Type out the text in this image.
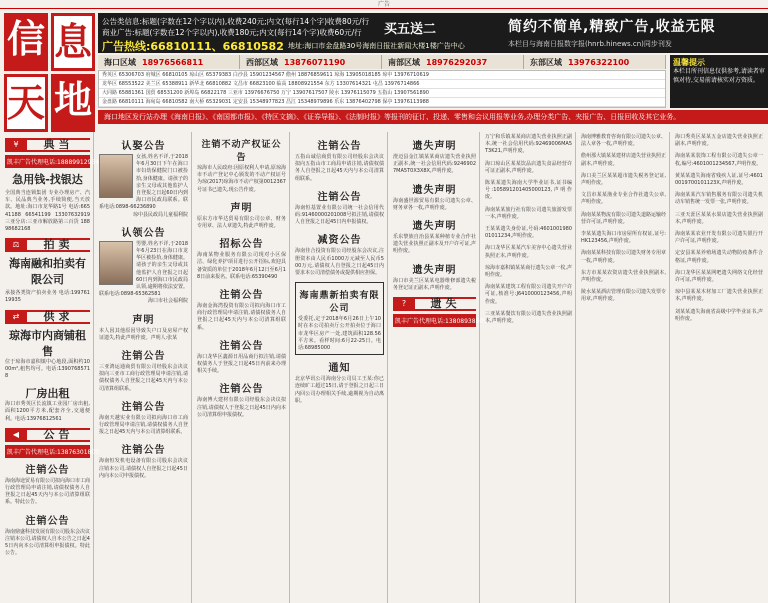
广告
信 息
天 地
公告类信息:标题(字数在12个字以内),收费240元;内文(每行14个字)收费80元/行
商业广告:标题(字数在12个字以内),收费180元;内文(每行14个字)收费60元/行
广告热线:66810111、66810582 地址:海口市金盘路30号海南日报社新闻大楼1楼广告中心
买五送二	简约不简单,精致广告,收益无限
本栏目与海南日报数字报(hnrb.hinews.cn)同步刊发
海口区域 18976566811	西部区域 13876071190	南部区域 18976292037	东部区域 13976322100
秀英区 65306703 府城区 66810105 琼山区 65379383 白沙县 15901234567 儋州 18876859611 琼海 13905018185 琼中 13976710619
龙华区 68553522 美兰区 65388911 新华北 66810882 文昌市 66823100 临高 18808921554 东方 13307614321 屯昌 13976714866
大同路 65881361 国贸 68531200 新埠岛 66822178 三亚市 13976676750 万宁 13907617507 陵水 13976115079 五指山 13907561890
金盘路 66810111 海甸岛 66810582 南大桥 65329031 定安县 15348977823 昌江 15348979896 乐东 13876402798 保亭 13976113988
温馨提示
本栏目所刊信息仅供参考,请读者审慎对待,交易前请核实对方资质。
海口地区发行站办理《海南日报》、《南国都市报》、《特区文摘》、《证券导报》、《法制时报》等报刊的征订、投递、零售和会议用报等业务,办理分类广告、夹报广告、日报回收及其它业务。
¥	典当
凯丰广告代理电话:18889912934
急用钱-找银达
全国典当连锁集团 专业办理房产、汽车、民品典当业务,手续简便,当天放款。地址:海口市龙华路1号 电话:66541188 66541199 13307632919 三亚分店:三亚市解放路第三百货 18898682168
⚖	拍卖
海南融和拍卖有限公司
承接各类资产拍卖业务 电话:19976119935
⇄	供求
琼海市内商铺租售
位于琼海市嘉积镇中心地段,面积约1000m²,租售均可。电话:13907685718
厂房出租
海口市秀英区长流镇工业园厂房出租,面积1200平方米,配套齐全,交通便利。电话:13976812561
◀	公告
凯丰广告代理电话:13876301800
注销公告
海南海途贸易有限公司拟向海口市工商行政管理局申请注销,请债权债务人自登报之日起45天内与本公司清算组联系。特此公告。
注销公告
海南鼎盛科技发展有限公司股东会决议注销本公司,请债权人自本公告之日起45日内向本公司清算组申报债权。特此公告。
认娶公告
女孩,姓名不详,于2018年6月30日下午在海口市妇幼保健院门口被捡拾,身体健康。请孩子的亲生父母或其他监护人自登报之日起60日内到海口市民政局联系。联系电话:0898-66236890
琼中县民政局儿童福利院
认领公告
男婴,姓名不详,于2018年6月23日在海口市龙华区被捡拾,身体健康。请孩子的亲生父母或其他监护人自登报之日起60日内到海口市民政局认领,逾期将依法安置。联系电话:0898-65362581
海口市社会福利院
声明
本人因其他原因导致失户口及房屋产权证遗失,特此声明作废。声明人:张某
注销公告
三亚鸿运通商贸有限公司经股东会决议拟向三亚市工商行政管理局申请注销,请债权债务人自登报之日起45天内与本公司清算组联系。
注销公告
海南天越实业有限公司拟向海口市工商行政管理局申请注销,请债权债务人自登报之日起45天内与本公司清算组联系。
注销公告
海南恒发机电设备有限公司股东会决议注销本公司,请债权人自登报之日起45日内向本公司申报债权。
注销不动产权证公告
琼海市人民政府:因原权利人申请,原琼海市不动产登记中心颁发的不动产权证号为琼(2017)琼海市不动产权第0012367号证书已遗失,现公告作废。
声明
原东方市华达贸易有限公司公章、财务专用章、法人章遗失,特此声明作废。
招标公告
海南某物业服务有限公司现对小区保洁、绿化养护项目进行公开招标,欢迎具备资质的单位于2018年6月12日至6月18日前来报名。联系电话:65390490
注销公告
海南金海湾投资有限公司拟向海口市工商行政管理局申请注销,请债权债务人自登报之日起45天内与本公司清算组联系。
注销公告
海口龙华区鑫源日用品商行拟注销,请债权债务人于登报之日起45日内前来办理相关手续。
注销公告
海南博大建材有限公司经股东会决议拟注销,请债权人于登报之日起45日内向本公司清算组申报债权。
注销公告
五指山诚信商贸有限公司经股东会决议拟向五指山市工商局申请注销,请债权债务人自登报之日起45天内与本公司清算组联系。
注销公告
海南恒基置业有限公司统一社会信用代码:91460000201008号拟注销,请债权人自登报之日起45日内申报债权。
减资公告
海南佳合投资有限公司经股东会决议,注册资本由人民币1000万元减至人民币500万元,请债权人自登报之日起45日内要求本公司清偿债务或提供相应担保。
海南鼎新拍卖有限公司
受委托,定于2018年6月26日上午10时在本公司拍卖厅公开拍卖位于海口市龙华区房产一处,建筑面积128.56平方米。看样时间:6月22-25日。电话:68985000
通知
北京华讯公司海南分公司员工王某:你已连续旷工超过15日,请于登报之日起三日内回公司办理相关手续,逾期视为自动离职。
遗失声明
澄迈县金江镇某某商店遗失营业执照正副本,统一社会信用代码:92469027MA5T0X3X8X,声明作废。
遗失声明
海南盛世源贸易有限公司遗失公章、财务章各一枚,声明作废。
遗失声明
乐东黎族自治县某某种植专业合作社遗失营业执照正副本及开户许可证,声明作废。
遗失声明
海口市美兰区某某电器维修部遗失税务登记证正副本,声明作废。
?	遗失
凯丰广告代理电话:13808938509
万宁和乐镇某某商店遗失营业执照正副本,统一社会信用代码:92469006MA5T3K21,声明作废。
海口琼山区某某饮品店遗失食品经营许可证正副本,声明作废。
陈某某遗失海南大学毕业证书,证书编号:105891201405000123,声明作废。
海南某某旅行社有限公司遗失旅游发票一本,声明作废。
王某某遗失身份证,号码:460100198001011234,声明作废。
海口龙华区某某汽车美容中心遗失营业执照正本,声明作废。
琼海市嘉积镇某某商行遗失公章一枚,声明作废。
海南某某建筑工程有限公司遗失开户许可证,核准号:J6410000123456,声明作废。
三亚某某餐饮有限公司遗失营业执照副本,声明作废。
海南博雅教育咨询有限公司遗失公章、法人章各一枚,声明作废。
儋州那大镇某某建材店遗失营业执照正副本,声明作废。
海口美兰区某某超市遗失税务登记证,声明作废。
文昌市某某渔业专业合作社遗失公章,声明作废。
海南某某物流有限公司遗失道路运输经营许可证,声明作废。
李某某遗失海口市房屋所有权证,证号:HK123456,声明作废。
海南某某科技有限公司遗失财务专用章一枚,声明作废。
东方市某某农资店遗失营业执照副本,声明作废。
陵水某某酒店管理有限公司遗失发票专用章,声明作废。
海口秀英区某某五金店遗失营业执照正副本,声明作废。
海南某某装饰工程有限公司遗失公章一枚,编号:4601001234567,声明作废。
黄某某遗失海南省残疾人证,证号:46010019700101123X,声明作废。
海南某某汽车销售服务有限公司遗失机动车销售统一发票一张,声明作废。
三亚天涯区某某水果店遗失营业执照副本,声明作废。
海南某某农业开发有限公司遗失银行开户许可证,声明作废。
定安县某某养殖场遗失动物防疫条件合格证,声明作废。
海口龙华区某某网吧遗失网络文化经营许可证,声明作废。
琼中县某某木材加工厂遗失营业执照正本,声明作废。
刘某某遗失海南省高级中学毕业证书,声明作废。
